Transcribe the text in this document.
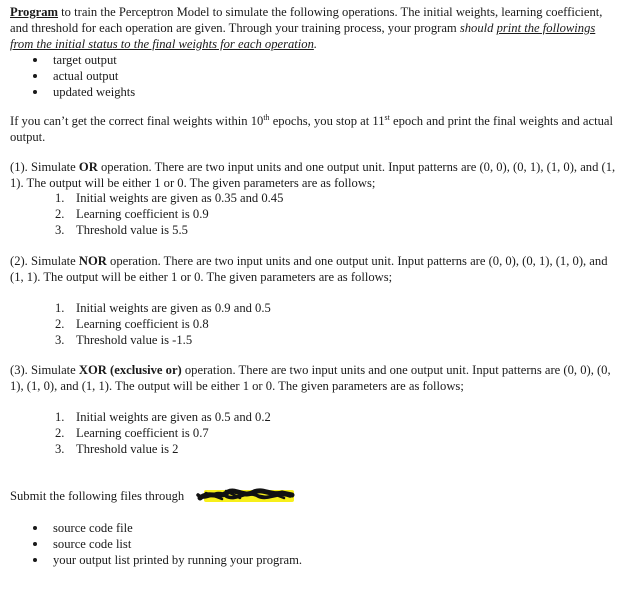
Program to train the Perceptron Model to simulate the following operations. The initial weights, learning coefficient, and threshold for each operation are given. Through your training process, your program should print the followings from the initial status to the final weights for each operation.

target output
actual output
updated weights

If you can’t get the correct final weights within 10th epochs, you stop at 11st epoch and print the final weights and actual output.

(1). Simulate OR operation. There are two input units and one output unit. Input patterns are (0, 0), (0, 1), (1, 0), and (1, 1). The output will be either 1 or 0. The given parameters are as follows;

1. Initial weights are given as 0.35 and 0.45
2. Learning coefficient is 0.9
3. Threshold value is 5.5

(2). Simulate NOR operation. There are two input units and one output unit. Input patterns are (0, 0), (0, 1), (1, 0), and (1, 1). The output will be either 1 or 0. The given parameters are as follows;

1. Initial weights are given as 0.9 and 0.5
2. Learning coefficient is 0.8
3. Threshold value is -1.5

(3). Simulate XOR (exclusive or) operation. There are two input units and one output unit. Input patterns are (0, 0), (0, 1), (1, 0), and (1, 1). The output will be either 1 or 0. The given parameters are as follows;

1. Initial weights are given as 0.5 and 0.2
2. Learning coefficient is 0.7
3. Threshold value is 2

Submit the following files through

source code file
source code list
your output list printed by running your program.
